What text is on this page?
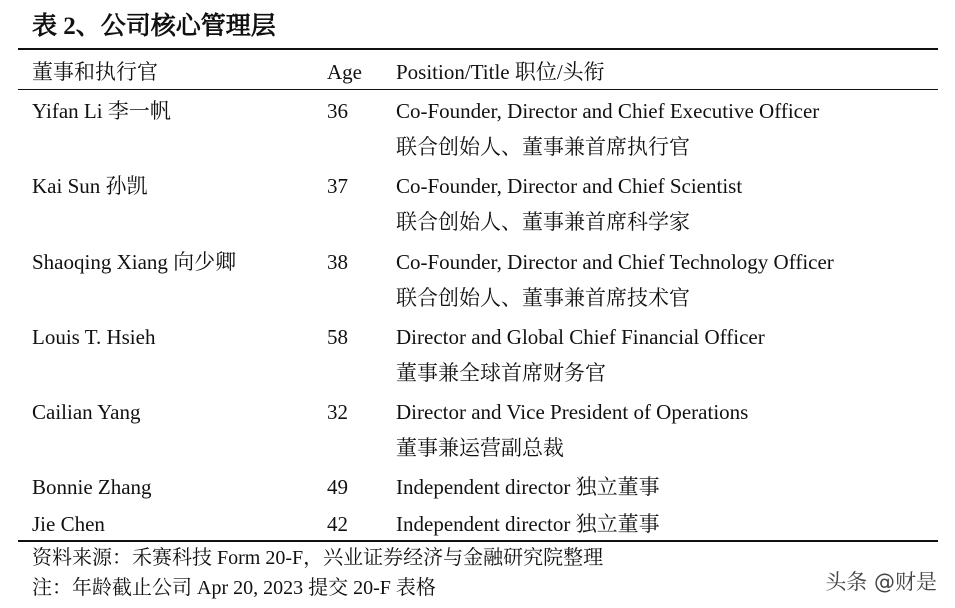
表 2、公司核心管理层
董事和执行官	Age Position/Title 职位/头衔
Yifan Li 李一帆	36 Co-Founder, Director and Chief Executive Officer
联合创始人、董事兼首席执行官
Kai Sun 孙凯	37 Co-Founder, Director and Chief Scientist
联合创始人、董事兼首席科学家
Shaoqing Xiang 向少卿	38 Co-Founder, Director and Chief Technology Officer
联合创始人、董事兼首席技术官
Louis T. Hsieh	58 Director and Global Chief Financial Officer
董事兼全球首席财务官
Cailian Yang	32 Director and Vice President of Operations
董事兼运营副总裁
Bonnie Zhang	49 Independent director 独立董事
Jie Chen	42 Independent director 独立董事
资料来源：禾赛科技 Form 20-F，兴业证券经济与金融研究院整理
注：年龄截止公司 Apr 20, 2023 提交 20-F 表格	头条 @财是
